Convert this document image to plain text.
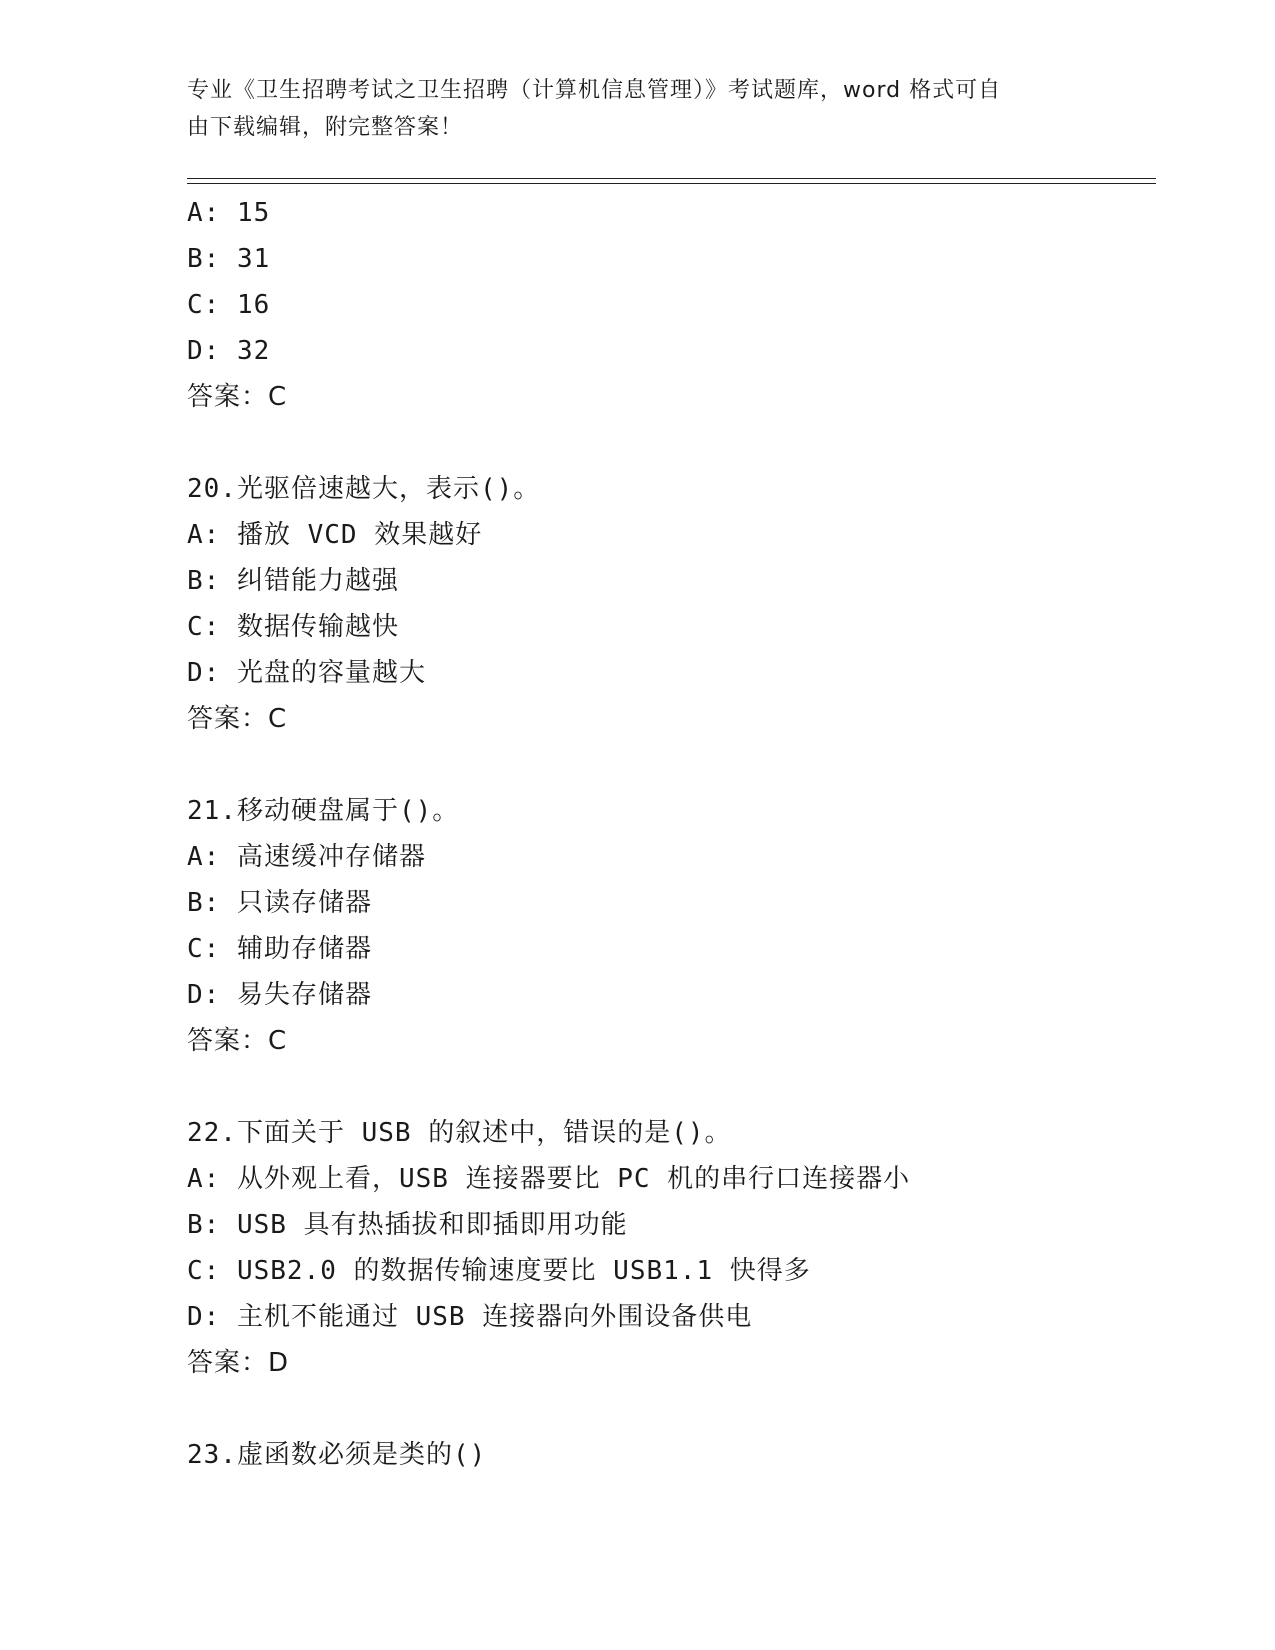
专业《卫生招聘考试之卫生招聘（计算机信息管理）》考试题库，word 格式可自
由下载编辑，附完整答案！
A: 15
B: 31
C: 16
D: 32
答案：C
20.光驱倍速越大，表示()。
A: 播放 VCD 效果越好
B: 纠错能力越强
C: 数据传输越快
D: 光盘的容量越大
答案：C
21.移动硬盘属于()。
A: 高速缓冲存储器
B: 只读存储器
C: 辅助存储器
D: 易失存储器
答案：C
22.下面关于 USB 的叙述中，错误的是()。
A: 从外观上看，USB 连接器要比 PC 机的串行口连接器小
B: USB 具有热插拔和即插即用功能
C: USB2.0 的数据传输速度要比 USB1.1 快得多
D: 主机不能通过 USB 连接器向外围设备供电
答案：D
23.虚函数必须是类的()
